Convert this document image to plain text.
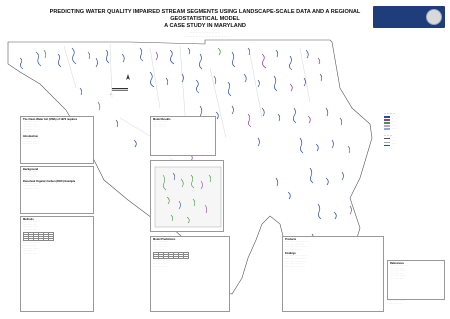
PREDICTING WATER QUALITY IMPAIRED STREAM SEGMENTS USING LANDSCAPE-SCALE DATA AND A REGIONAL GEOSTATISTICAL MODEL
A CASE STUDY IN MARYLAND
· · · · · · · · · · · · · · · · · · · · ·
· · · · · · · · · · · · · · · · · · · · · · · · · · · · ·
0 · · ·
The Clean Water Act (CWA) of 1972 requires
· · · · · · · · · · · · · · ·
· · · · · · · · · · · · ·
· · · · · · · · · · · · · ·
· · · · · · · · · · ·
· · · · · · · · · · · · ·
Introduction
· · · · · · · · · · · · · ·
· · · · · · · · · · ·
· · · · · · · · · · · · ·
Background
· · · · · · · · · · · · · ·
· · · · · · · · · · · ·
· · · · · · · · · · · · ·
Dissolved Organic Carbon (DOC) Example
· · · · · · · · · · · · · ·
· · · · · · · · · · · ·
· · · · · · · · · · · · ·
Methods
· · · · · · · · · · · · · ·
· · · · · · · · · · ·
· · · · · · · · · · · · ·
· · · · · · · · · · · ·

· · · · · · · · · · · · · ·
· · · · · · · · · · ·
· · · · · · · · · · · · ·
· · · · · · · · · ·
· · · · · · · · · · · ·
Model Results
· · · · · · · · · · · · ·
· · · · · · · · · · ·
· · · · · · · · · · · ·
Model Predictions
· · · · · · · · · · · · · ·
· · · · · · · · · · · ·
· · · · · · · · · · · · ·
· · · · · · · · · ·

· · · · · · · · · · · · · ·
· · · · · · · · · · ·
· · · · · · · · · · · · ·
Products
· · · · · · · · · · · · · · · · · · · ·
· · · · · · · · · · · · · · · ·
· · · · · · · · · · · · · · · · · ·
· · · · · · · · · · · · · ·
Findings
· · · · · · · · · · · · · · · · · · ·
· · · · · · · · · · · · · · · · ·
· · · · · · · · · · · · · · · · · ·
· · · · · · · · · · · · · · ·
· · · · · · · · · · · · · · · · ·
· · · · · · · ·
· · · ·
· · · ·
· · · ·
· · · ·
· · · ·
· · · · · ·
· · · ·
· · · ·
· · · ·
References
· · · · · · · · · · · · · · ·
· · · · · · · · · · · · ·
· · · · · · · · · · · · · ·
· · · · · · · · · · ·
· · · · · · · · · · · · ·
· · · · · · · · · · · ·
· · · · · · · · · · · · · ·
· · · · · · · · · · ·
